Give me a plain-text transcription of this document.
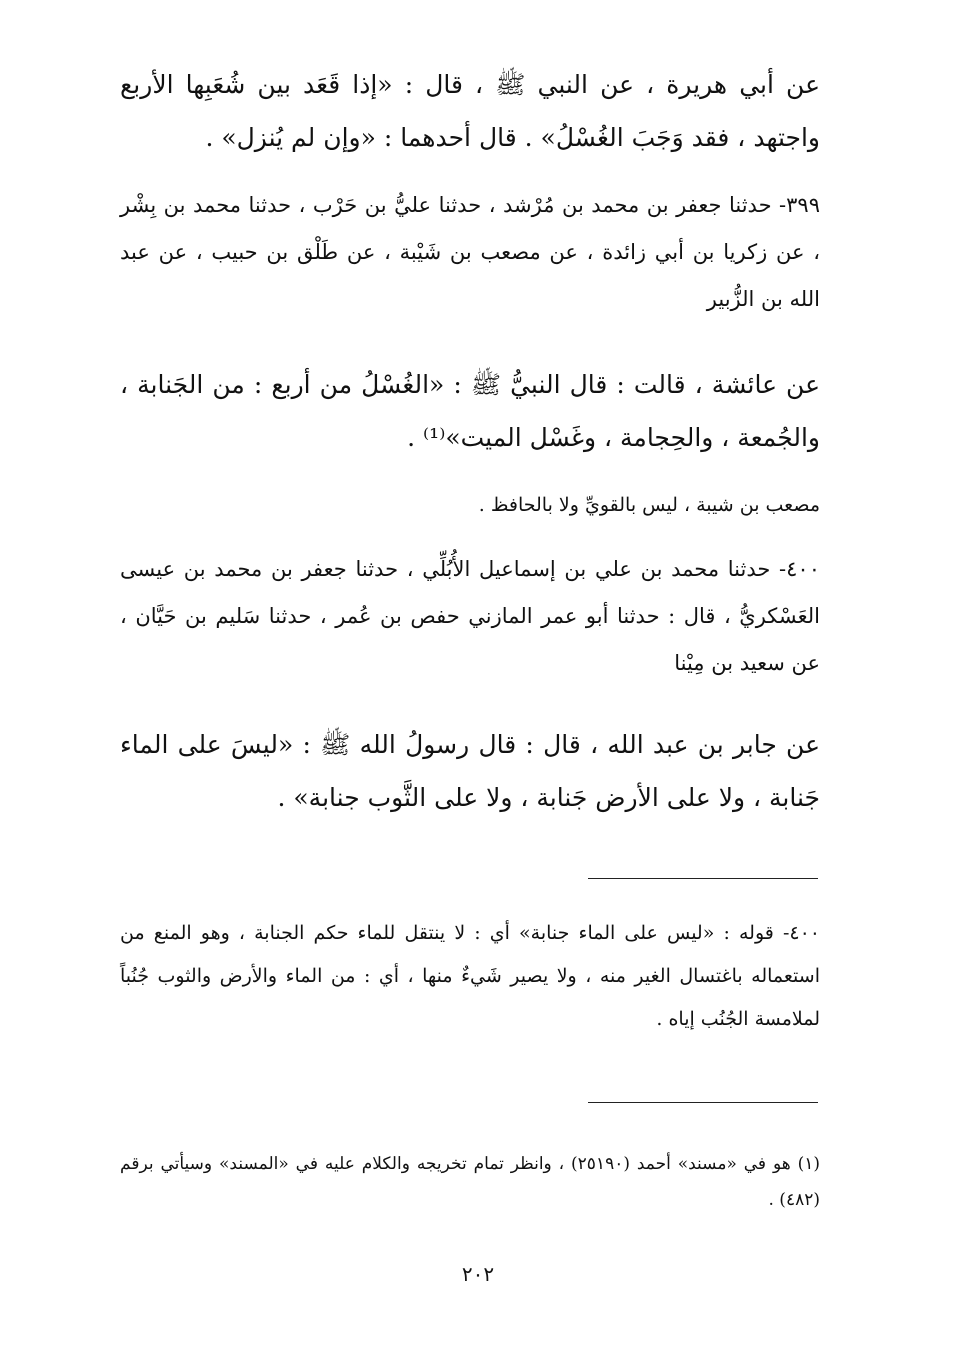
عن أبي هريرة ، عن النبي ﷺ ، قال : «إذا قَعَد بين شُعَبِها الأربع واجتهد ، فقد وَجَبَ الغُسْلُ» . قال أحدهما : «وإن لم يُنزل» .

٣٩٩- حدثنا جعفر بن محمد بن مُرْشد ، حدثنا عليُّ بن حَرْب ، حدثنا محمد بن بِشْر ، عن زكريا بن أبي زائدة ، عن مصعب بن شَيْبة ، عن طَلْق بن حبيب ، عن عبد الله بن الزُّبير

عن عائشة ، قالت : قال النبيُّ ﷺ : «الغُسْلُ من أربع : من الجَنابة ، والجُمعة ، والحِجامة ، وغَسْل الميت»⁽¹⁾ .

مصعب بن شيبة ، ليس بالقويِّ ولا بالحافظ .

٤٠٠- حدثنا محمد بن علي بن إسماعيل الأُبُلِّي ، حدثنا جعفر بن محمد بن عيسى العَسْكريُّ ، قال : حدثنا أبو عمر المازني حفص بن عُمر ، حدثنا سَليم بن حَيَّان ، عن سعيد بن مِيْنا

عن جابر بن عبد الله ، قال : قال رسولُ الله ﷺ : «ليسَ على الماء جَنابة ، ولا على الأرض جَنابة ، ولا على الثَّوب جنابة» .

٤٠٠- قوله : «ليس على الماء جنابة» أي : لا ينتقل للماء حكم الجنابة ، وهو المنع من استعماله باغتسال الغير منه ، ولا يصير شَيءٌ منها ، أي : من الماء والأرض والثوب جُنُباً لملامسة الجُنُب إياه .

(١) هو في «مسند» أحمد (٢٥١٩٠) ، وانظر تمام تخريجه والكلام عليه في «المسند» وسيأتي برقم (٤٨٢) .

٢٠٢
